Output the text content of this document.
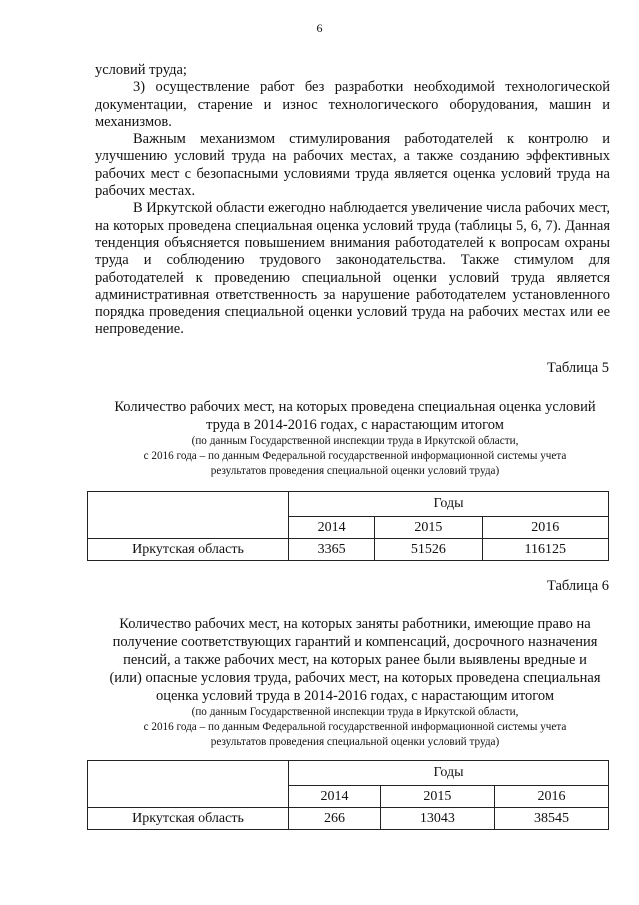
6

условий труда;

3) осуществление работ без разработки необходимой технологической документации, старение и износ технологического оборудования, машин и механизмов.

Важным механизмом стимулирования работодателей к контролю и улучшению условий труда на рабочих местах, а также созданию эффективных рабочих мест с безопасными условиями труда является оценка условий труда на рабочих местах.

В Иркутской области ежегодно наблюдается увеличение числа рабочих мест, на которых проведена специальная оценка условий труда (таблицы 5, 6, 7). Данная тенденция объясняется повышением внимания работодателей к вопросам охраны труда и соблюдению трудового законодательства. Также стимулом для работодателей к проведению специальной оценки условий труда является административная ответственность за нарушение работодателем установленного порядка проведения специальной оценки условий труда на рабочих местах или ее непроведение.

Таблица 5
Количество рабочих мест, на которых проведена специальная оценка условий
труда в 2014-2016 годах, с нарастающим итогом
(по данным Государственной инспекции труда в Иркутской области,
с 2016 года – по данным Федеральной государственной информационной системы учета
результатов проведения специальной оценки условий труда)
	Годы		
	2014	2015	2016
Иркутская область	3365	51526	116125
Таблица 6
Количество рабочих мест, на которых заняты работники, имеющие право на
получение соответствующих гарантий и компенсаций, досрочного назначения
пенсий, а также рабочих мест, на которых ранее были выявлены вредные и
(или) опасные условия труда, рабочих мест, на которых проведена специальная
оценка условий труда в 2014-2016 годах, с нарастающим итогом
(по данным Государственной инспекции труда в Иркутской области,
с 2016 года – по данным Федеральной государственной информационной системы учета
результатов проведения специальной оценки условий труда)
	Годы		
	2014	2015	2016
Иркутская область	266	13043	38545
